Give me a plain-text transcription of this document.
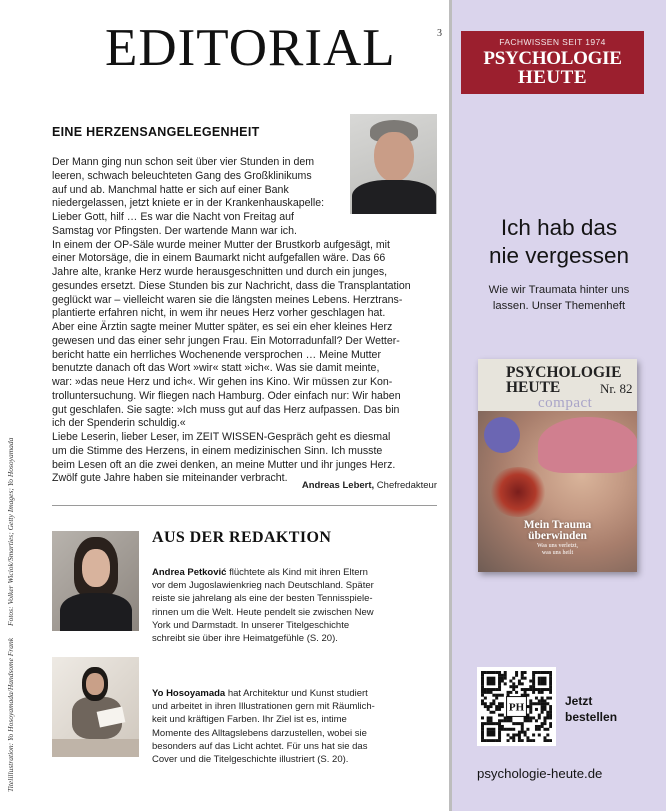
Titelillustration: Yo Hosoyamada/Handsome Frank Fotos: Volker Wiciok/Smarties; Getty Images; Yo Hosoyamada
EDITORIAL	3
EINE HERZENSANGELEGENHEIT
Der Mann ging nun schon seit über vier Stunden in dem
leeren, schwach beleuchteten Gang des Großklinikums
auf und ab. Manchmal hatte er sich auf einer Bank
niedergelassen, jetzt kniete er in der Krankenhauskapelle:
Lieber Gott, hilf … Es war die Nacht von Freitag auf
Samstag vor Pfingsten. Der wartende Mann war ich.
In einem der OP-Säle wurde meiner Mutter der Brustkorb aufgesägt, mit
einer Motorsäge, die in einem Baumarkt nicht aufgefallen wäre. Das 66
Jahre alte, kranke Herz wurde herausgeschnitten und durch ein junges,
gesundes ersetzt. Diese Stunden bis zur Nachricht, dass die Transplantation
geglückt war – vielleicht waren sie die längsten meines Lebens. Herztrans-
plantierte erfahren nicht, in wem ihr neues Herz vorher geschlagen hat.
Aber eine Ärztin sagte meiner Mutter später, es sei ein eher kleines Herz
gewesen und das einer sehr jungen Frau. Ein Motorradunfall? Der Wetter-
bericht hatte ein herrliches Wochenende versprochen … Meine Mutter
benutzte danach oft das Wort »wir« statt »ich«. Was sie damit meinte,
war: »das neue Herz und ich«. Wir gehen ins Kino. Wir müssen zur Kon-
trolluntersuchung. Wir fliegen nach Hamburg. Oder einfach nur: Wir haben
gut geschlafen. Sie sagte: »Ich muss gut auf das Herz aufpassen. Das bin
ich der Spenderin schuldig.«
Liebe Leserin, lieber Leser, im ZEIT WISSEN-Gespräch geht es diesmal
um die Stimme des Herzens, in einem medizinischen Sinn. Ich musste
beim Lesen oft an die zwei denken, an meine Mutter und ihr junges Herz.
Zwölf gute Jahre haben sie miteinander verbracht.
Andreas Lebert, Chefredakteur
AUS DER REDAKTION
Andrea Petković flüchtete als Kind mit ihren Eltern
vor dem Jugoslawienkrieg nach Deutschland. Später
reiste sie jahrelang als eine der besten Tennisspiele-
rinnen um die Welt. Heute pendelt sie zwischen New
York und Darmstadt. In unserer Titelgeschichte
schreibt sie über ihre Heimatgefühle (S. 20).
Yo Hosoyamada hat Architektur und Kunst studiert
und arbeitet in ihren Illustrationen gern mit Räumlich-
keit und kräftigen Farben. Ihr Ziel ist es, intime
Momente des Alltagslebens darzustellen, wobei sie
besonders auf das Licht achtet. Für uns hat sie das
Cover und die Titelgeschichte illustriert (S. 20).
FACHWISSEN SEIT 1974
PSYCHOLOGIE
HEUTE
Ich hab das
nie vergessen
Wie wir Traumata hinter uns
lassen. Unser Themenheft
PSYCHOLOGIE
HEUTE	Nr. 82
compact
Mein Trauma
überwinden
Was uns verletzt,
was uns heilt
PH	Jetzt
bestellen
psychologie-heute.de
